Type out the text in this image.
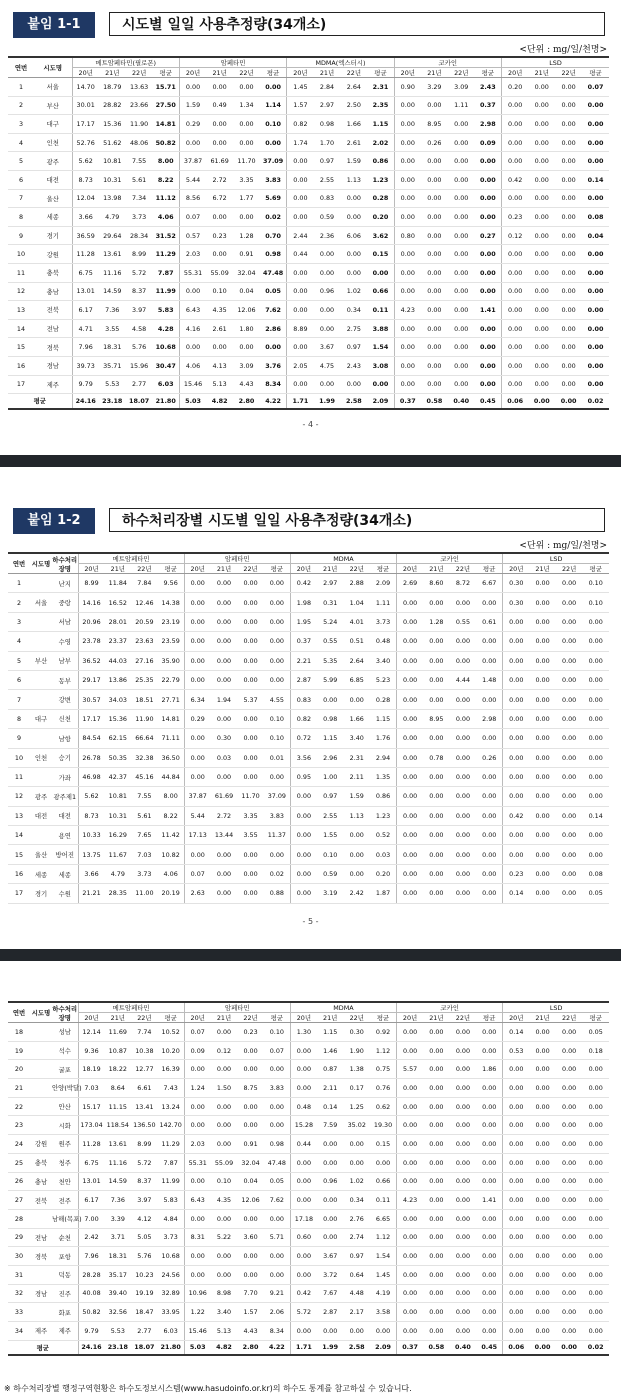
붙임 1-1	시도별 일일 사용추정량(34개소)
<단위 : mg/일/천명>
연번	시도명	메트암페타민(필로폰)				암페타민				MDMA(엑스터시)				코카인				LSD			
		20년	21년	22년	평균	20년	21년	22년	평균	20년	21년	22년	평균	20년	21년	22년	평균	20년	21년	22년	평균
1	서울	14.70	18.79	13.63	15.71	0.00	0.00	0.00	0.00	1.45	2.84	2.64	2.31	0.90	3.29	3.09	2.43	0.20	0.00	0.00	0.07
2	부산	30.01	28.82	23.66	27.50	1.59	0.49	1.34	1.14	1.57	2.97	2.50	2.35	0.00	0.00	1.11	0.37	0.00	0.00	0.00	0.00
3	대구	17.17	15.36	11.90	14.81	0.29	0.00	0.00	0.10	0.82	0.98	1.66	1.15	0.00	8.95	0.00	2.98	0.00	0.00	0.00	0.00
4	인천	52.76	51.62	48.06	50.82	0.00	0.00	0.00	0.00	1.74	1.70	2.61	2.02	0.00	0.26	0.00	0.09	0.00	0.00	0.00	0.00
5	광주	5.62	10.81	7.55	8.00	37.87	61.69	11.70	37.09	0.00	0.97	1.59	0.86	0.00	0.00	0.00	0.00	0.00	0.00	0.00	0.00
6	대전	8.73	10.31	5.61	8.22	5.44	2.72	3.35	3.83	0.00	2.55	1.13	1.23	0.00	0.00	0.00	0.00	0.42	0.00	0.00	0.14
7	울산	12.04	13.98	7.34	11.12	8.56	6.72	1.77	5.69	0.00	0.83	0.00	0.28	0.00	0.00	0.00	0.00	0.00	0.00	0.00	0.00
8	세종	3.66	4.79	3.73	4.06	0.07	0.00	0.00	0.02	0.00	0.59	0.00	0.20	0.00	0.00	0.00	0.00	0.23	0.00	0.00	0.08
9	경기	36.59	29.64	28.34	31.52	0.57	0.23	1.28	0.70	2.44	2.36	6.06	3.62	0.80	0.00	0.00	0.27	0.12	0.00	0.00	0.04
10	강원	11.28	13.61	8.99	11.29	2.03	0.00	0.91	0.98	0.44	0.00	0.00	0.15	0.00	0.00	0.00	0.00	0.00	0.00	0.00	0.00
11	충북	6.75	11.16	5.72	7.87	55.31	55.09	32.04	47.48	0.00	0.00	0.00	0.00	0.00	0.00	0.00	0.00	0.00	0.00	0.00	0.00
12	충남	13.01	14.59	8.37	11.99	0.00	0.10	0.04	0.05	0.00	0.96	1.02	0.66	0.00	0.00	0.00	0.00	0.00	0.00	0.00	0.00
13	전북	6.17	7.36	3.97	5.83	6.43	4.35	12.06	7.62	0.00	0.00	0.34	0.11	4.23	0.00	0.00	1.41	0.00	0.00	0.00	0.00
14	전남	4.71	3.55	4.58	4.28	4.16	2.61	1.80	2.86	8.89	0.00	2.75	3.88	0.00	0.00	0.00	0.00	0.00	0.00	0.00	0.00
15	경북	7.96	18.31	5.76	10.68	0.00	0.00	0.00	0.00	0.00	3.67	0.97	1.54	0.00	0.00	0.00	0.00	0.00	0.00	0.00	0.00
16	경남	39.73	35.71	15.96	30.47	4.06	4.13	3.09	3.76	2.05	4.75	2.43	3.08	0.00	0.00	0.00	0.00	0.00	0.00	0.00	0.00
17	제주	9.79	5.53	2.77	6.03	15.46	5.13	4.43	8.34	0.00	0.00	0.00	0.00	0.00	0.00	0.00	0.00	0.00	0.00	0.00	0.00
평균		24.16	23.18	18.07	21.80	5.03	4.82	2.80	4.22	1.71	1.99	2.58	2.09	0.37	0.58	0.40	0.45	0.06	0.00	0.00	0.02
- 4 -
붙임 1-2	하수처리장별 시도별 일일 사용추정량(34개소)
<단위 : mg/일/천명>
연번	시도명	하수처리장명	메트암페타민				암페타민				MDMA				코카인				LSD			
			20년	21년	22년	평균	20년	21년	22년	평균	20년	21년	22년	평균	20년	21년	22년	평균	20년	21년	22년	평균
1		난지	8.99	11.84	7.84	9.56	0.00	0.00	0.00	0.00	0.42	2.97	2.88	2.09	2.69	8.60	8.72	6.67	0.30	0.00	0.00	0.10
2	서울	중랑	14.16	16.52	12.46	14.38	0.00	0.00	0.00	0.00	1.98	0.31	1.04	1.11	0.00	0.00	0.00	0.00	0.30	0.00	0.00	0.10
3		서남	20.96	28.01	20.59	23.19	0.00	0.00	0.00	0.00	1.95	5.24	4.01	3.73	0.00	1.28	0.55	0.61	0.00	0.00	0.00	0.00
4		수영	23.78	23.37	23.63	23.59	0.00	0.00	0.00	0.00	0.37	0.55	0.51	0.48	0.00	0.00	0.00	0.00	0.00	0.00	0.00	0.00
5	부산	남부	36.52	44.03	27.16	35.90	0.00	0.00	0.00	0.00	2.21	5.35	2.64	3.40	0.00	0.00	0.00	0.00	0.00	0.00	0.00	0.00
6		동부	29.17	13.86	25.35	22.79	0.00	0.00	0.00	0.00	2.87	5.99	6.85	5.23	0.00	0.00	4.44	1.48	0.00	0.00	0.00	0.00
7		강변	30.57	34.03	18.51	27.71	6.34	1.94	5.37	4.55	0.83	0.00	0.00	0.28	0.00	0.00	0.00	0.00	0.00	0.00	0.00	0.00
8	대구	신천	17.17	15.36	11.90	14.81	0.29	0.00	0.00	0.10	0.82	0.98	1.66	1.15	0.00	8.95	0.00	2.98	0.00	0.00	0.00	0.00
9		남항	84.54	62.15	66.64	71.11	0.00	0.30	0.00	0.10	0.72	1.15	3.40	1.76	0.00	0.00	0.00	0.00	0.00	0.00	0.00	0.00
10	인천	승기	26.78	50.35	32.38	36.50	0.00	0.03	0.00	0.01	3.56	2.96	2.31	2.94	0.00	0.78	0.00	0.26	0.00	0.00	0.00	0.00
11		가좌	46.98	42.37	45.16	44.84	0.00	0.00	0.00	0.00	0.95	1.00	2.11	1.35	0.00	0.00	0.00	0.00	0.00	0.00	0.00	0.00
12	광주	광주제1	5.62	10.81	7.55	8.00	37.87	61.69	11.70	37.09	0.00	0.97	1.59	0.86	0.00	0.00	0.00	0.00	0.00	0.00	0.00	0.00
13	대전	대전	8.73	10.31	5.61	8.22	5.44	2.72	3.35	3.83	0.00	2.55	1.13	1.23	0.00	0.00	0.00	0.00	0.42	0.00	0.00	0.14
14		용연	10.33	16.29	7.65	11.42	17.13	13.44	3.55	11.37	0.00	1.55	0.00	0.52	0.00	0.00	0.00	0.00	0.00	0.00	0.00	0.00
15	울산	방어진	13.75	11.67	7.03	10.82	0.00	0.00	0.00	0.00	0.00	0.10	0.00	0.03	0.00	0.00	0.00	0.00	0.00	0.00	0.00	0.00
16	세종	세종	3.66	4.79	3.73	4.06	0.07	0.00	0.00	0.02	0.00	0.59	0.00	0.20	0.00	0.00	0.00	0.00	0.23	0.00	0.00	0.08
17	경기	수원	21.21	28.35	11.00	20.19	2.63	0.00	0.00	0.88	0.00	3.19	2.42	1.87	0.00	0.00	0.00	0.00	0.14	0.00	0.00	0.05
- 5 -
연번	시도명	하수처리장명	메트암페타민				암페타민				MDMA				코카인				LSD			
			20년	21년	22년	평균	20년	21년	22년	평균	20년	21년	22년	평균	20년	21년	22년	평균	20년	21년	22년	평균
18		성남	12.14	11.69	7.74	10.52	0.07	0.00	0.23	0.10	1.30	1.15	0.30	0.92	0.00	0.00	0.00	0.00	0.14	0.00	0.00	0.05
19		석수	9.36	10.87	10.38	10.20	0.09	0.12	0.00	0.07	0.00	1.46	1.90	1.12	0.00	0.00	0.00	0.00	0.53	0.00	0.00	0.18
20		굴포	18.19	18.22	12.77	16.39	0.00	0.00	0.00	0.00	0.00	0.87	1.38	0.75	5.57	0.00	0.00	1.86	0.00	0.00	0.00	0.00
21		안양(박달)	7.03	8.64	6.61	7.43	1.24	1.50	8.75	3.83	0.00	2.11	0.17	0.76	0.00	0.00	0.00	0.00	0.00	0.00	0.00	0.00
22		안산	15.17	11.15	13.41	13.24	0.00	0.00	0.00	0.00	0.48	0.14	1.25	0.62	0.00	0.00	0.00	0.00	0.00	0.00	0.00	0.00
23		시화	173.04	118.54	136.50	142.70	0.00	0.00	0.00	0.00	15.28	7.59	35.02	19.30	0.00	0.00	0.00	0.00	0.00	0.00	0.00	0.00
24	강원	원주	11.28	13.61	8.99	11.29	2.03	0.00	0.91	0.98	0.44	0.00	0.00	0.15	0.00	0.00	0.00	0.00	0.00	0.00	0.00	0.00
25	충북	청주	6.75	11.16	5.72	7.87	55.31	55.09	32.04	47.48	0.00	0.00	0.00	0.00	0.00	0.00	0.00	0.00	0.00	0.00	0.00	0.00
26	충남	천안	13.01	14.59	8.37	11.99	0.00	0.10	0.04	0.05	0.00	0.96	1.02	0.66	0.00	0.00	0.00	0.00	0.00	0.00	0.00	0.00
27	전북	전주	6.17	7.36	3.97	5.83	6.43	4.35	12.06	7.62	0.00	0.00	0.34	0.11	4.23	0.00	0.00	1.41	0.00	0.00	0.00	0.00
28		남해(목포)	7.00	3.39	4.12	4.84	0.00	0.00	0.00	0.00	17.18	0.00	2.76	6.65	0.00	0.00	0.00	0.00	0.00	0.00	0.00	0.00
29	전남	순천	2.42	3.71	5.05	3.73	8.31	5.22	3.60	5.71	0.60	0.00	2.74	1.12	0.00	0.00	0.00	0.00	0.00	0.00	0.00	0.00
30	경북	포항	7.96	18.31	5.76	10.68	0.00	0.00	0.00	0.00	0.00	3.67	0.97	1.54	0.00	0.00	0.00	0.00	0.00	0.00	0.00	0.00
31		덕동	28.28	35.17	10.23	24.56	0.00	0.00	0.00	0.00	0.00	3.72	0.64	1.45	0.00	0.00	0.00	0.00	0.00	0.00	0.00	0.00
32	경남	진주	40.08	39.40	19.19	32.89	10.96	8.98	7.70	9.21	0.42	7.67	4.48	4.19	0.00	0.00	0.00	0.00	0.00	0.00	0.00	0.00
33		화포	50.82	32.56	18.47	33.95	1.22	3.40	1.57	2.06	5.72	2.87	2.17	3.58	0.00	0.00	0.00	0.00	0.00	0.00	0.00	0.00
34	제주	제주	9.79	5.53	2.77	6.03	15.46	5.13	4.43	8.34	0.00	0.00	0.00	0.00	0.00	0.00	0.00	0.00	0.00	0.00	0.00	0.00
평균			24.16	23.18	18.07	21.80	5.03	4.82	2.80	4.22	1.71	1.99	2.58	2.09	0.37	0.58	0.40	0.45	0.06	0.00	0.00	0.02
※ 하수처리장별 행정구역현황은 하수도정보시스템(www.hasudoinfo.or.kr)의 하수도 통계를 참고하실 수 있습니다.
